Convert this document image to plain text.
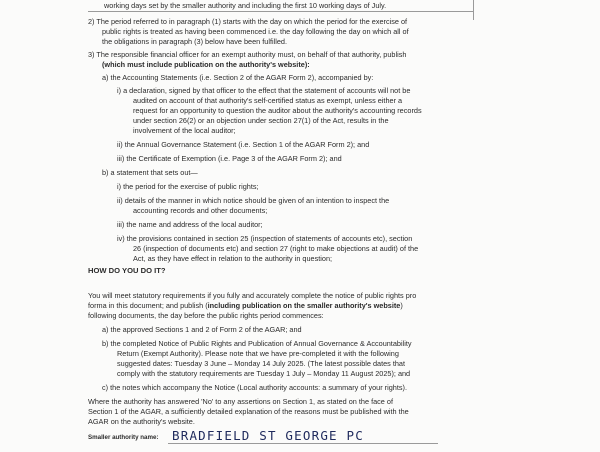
working days set by the smaller authority and including the first 10 working days of July.
2) The period referred to in paragraph (1) starts with the day on which the period for the exercise of
public rights is treated as having been commenced i.e. the day following the day on which all of
the obligations in paragraph (3) below have been fulfilled.
3) The responsible financial officer for an exempt authority must, on behalf of that authority, publish
(which must include publication on the authority's website):
a) the Accounting Statements (i.e. Section 2 of the AGAR Form 2), accompanied by:
i) a declaration, signed by that officer to the effect that the statement of accounts will not be
audited on account of that authority's self-certified status as exempt, unless either a
request for an opportunity to question the auditor about the authority's accounting records
under section 26(2) or an objection under section 27(1) of the Act, results in the
involvement of the local auditor;
ii) the Annual Governance Statement (i.e. Section 1 of the AGAR Form 2); and
iii) the Certificate of Exemption (i.e. Page 3 of the AGAR Form 2); and
b) a statement that sets out—
i) the period for the exercise of public rights;
ii) details of the manner in which notice should be given of an intention to inspect the
accounting records and other documents;
iii) the name and address of the local auditor;
iv) the provisions contained in section 25 (inspection of statements of accounts etc), section
26 (inspection of documents etc) and section 27 (right to make objections at audit) of the
Act, as they have effect in relation to the authority in question;
HOW DO YOU DO IT?
You will meet statutory requirements if you fully and accurately complete the notice of public rights pro
forma in this document; and publish (including publication on the smaller authority's website)
following documents, the day before the public rights period commences:
a) the approved Sections 1 and 2 of Form 2 of the AGAR; and
b) the completed Notice of Public Rights and Publication of Annual Governance & Accountability
Return (Exempt Authority). Please note that we have pre-completed it with the following
suggested dates: Tuesday 3 June – Monday 14 July 2025. (The latest possible dates that
comply with the statutory requirements are Tuesday 1 July – Monday 11 August 2025); and
c) the notes which accompany the Notice (Local authority accounts: a summary of your rights).
Where the authority has answered 'No' to any assertions on Section 1, as stated on the face of
Section 1 of the AGAR, a sufficiently detailed explanation of the reasons must be published with the
AGAR on the authority's website.
Smaller authority name: BRADFIELD ST GEORGE PC
